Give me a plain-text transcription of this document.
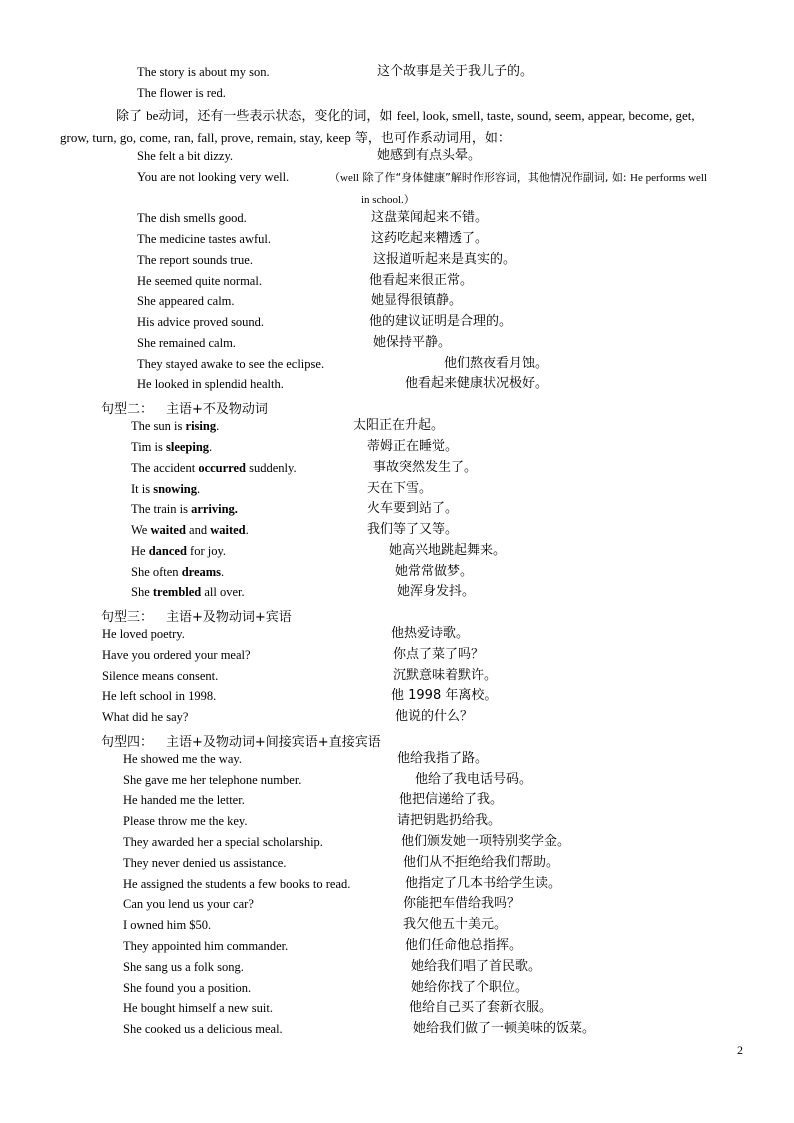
The story is about my son.	这个故事是关于我儿子的。
The flower is red.
除了 be动词，还有一些表示状态，变化的词，如 feel, look, smell, taste, sound, seem, appear, become, get,
grow, turn, go, come, ran, fall, prove, remain, stay, keep 等，也可作系动词用，如：
She felt a bit dizzy.	她感到有点头晕。
You are not looking very well.	（well 除了作“身体健康”解时作形容词，其他情况作副词, 如: He performs well
in school.）
The dish smells good.	这盘菜闻起来不错。
The medicine tastes awful.	这药吃起来糟透了。
The report sounds true.	这报道听起来是真实的。
He seemed quite normal.	他看起来很正常。
She appeared calm.	她显得很镇静。
His advice proved sound.	他的建议证明是合理的。
She remained calm.	她保持平静。
They stayed awake to see the eclipse.	他们熬夜看月蚀。
He looked in splendid health.	他看起来健康状况极好。
句型二： 主语+不及物动词
The sun is rising.	太阳正在升起。
Tim is sleeping.	蒂姆正在睡觉。
The accident occurred suddenly.	事故突然发生了。
It is snowing.	天在下雪。
The train is arriving.	火车要到站了。
We waited and waited.	我们等了又等。
He danced for joy.	她高兴地跳起舞来。
She often dreams.	她常常做梦。
She trembled all over.	她浑身发抖。
句型三： 主语+及物动词+宾语
He loved poetry.	他热爱诗歌。
Have you ordered your meal?	你点了菜了吗？
Silence means consent.	沉默意味着默许。
He left school in 1998.	他 1998 年离校。
What did he say?	他说的什么？
句型四： 主语+及物动词+间接宾语+直接宾语
He showed me the way.	他给我指了路。
She gave me her telephone number.	他给了我电话号码。
He handed me the letter.	他把信递给了我。
Please throw me the key.	请把钥匙扔给我。
They awarded her a special scholarship.	他们颁发她一项特别奖学金。
They never denied us assistance.	他们从不拒绝给我们帮助。
He assigned the students a few books to read.	他指定了几本书给学生读。
Can you lend us your car?	你能把车借给我吗？
I owned him $50.	我欠他五十美元。
They appointed him commander.	他们任命他总指挥。
She sang us a folk song.	她给我们唱了首民歌。
She found you a position.	她给你找了个职位。
He bought himself a new suit.	他给自己买了套新衣服。
She cooked us a delicious meal.	她给我们做了一顿美味的饭菜。
2
